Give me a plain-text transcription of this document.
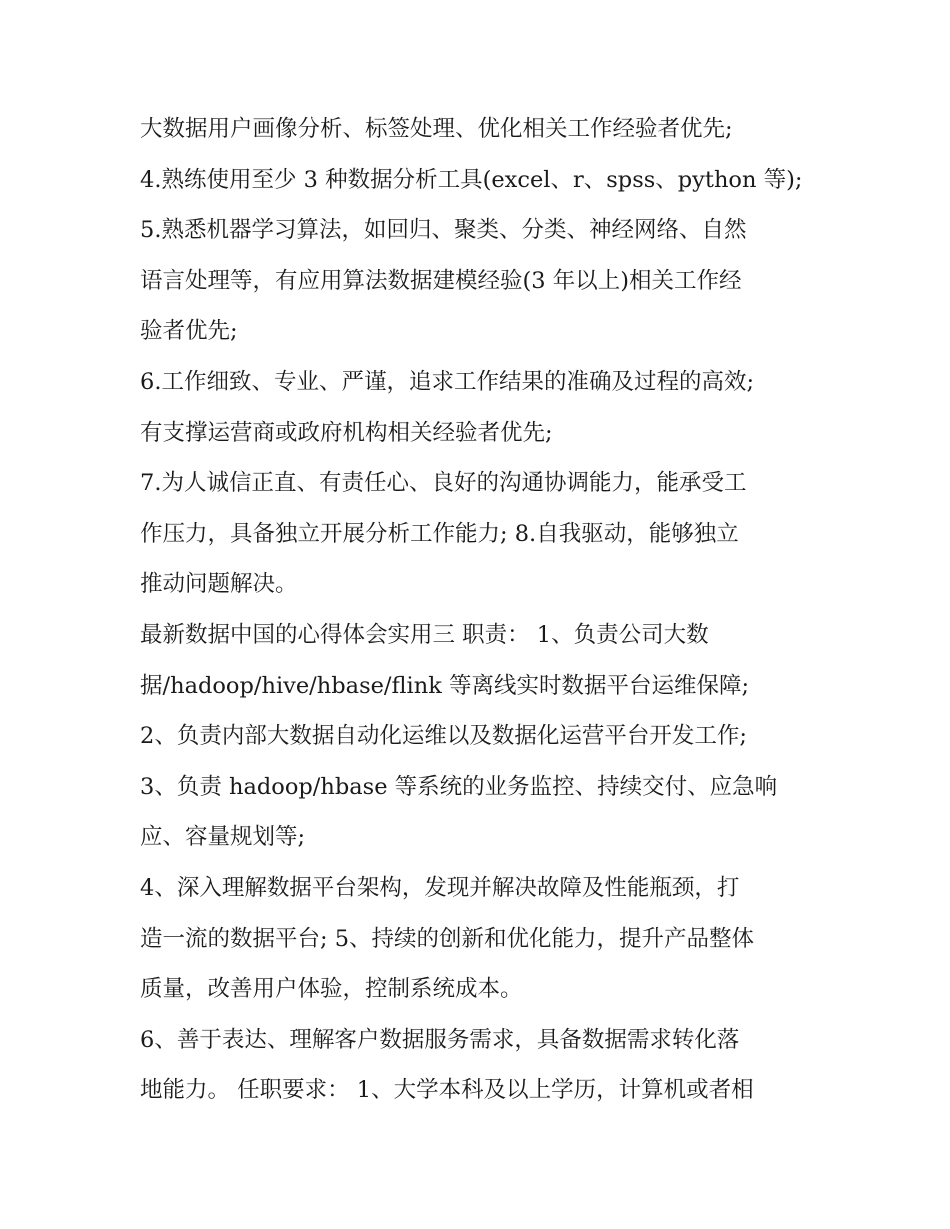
大数据用户画像分析、标签处理、优化相关工作经验者优先;
4.熟练使用至少 3 种数据分析工具(excel、r、spss、python 等);
5.熟悉机器学习算法，如回归、聚类、分类、神经网络、自然
语言处理等，有应用算法数据建模经验(3 年以上)相关工作经
验者优先;
6.工作细致、专业、严谨，追求工作结果的准确及过程的高效;
有支撑运营商或政府机构相关经验者优先;
7.为人诚信正直、有责任心、良好的沟通协调能力，能承受工
作压力，具备独立开展分析工作能力; 8.自我驱动，能够独立
推动问题解决。
最新数据中国的心得体会实用三 职责： 1、负责公司大数
据/hadoop/hive/hbase/flink 等离线实时数据平台运维保障;
2、负责内部大数据自动化运维以及数据化运营平台开发工作;
3、负责 hadoop/hbase 等系统的业务监控、持续交付、应急响
应、容量规划等;
4、深入理解数据平台架构，发现并解决故障及性能瓶颈，打
造一流的数据平台; 5、持续的创新和优化能力，提升产品整体
质量，改善用户体验，控制系统成本。
6、善于表达、理解客户数据服务需求，具备数据需求转化落
地能力。 任职要求： 1、大学本科及以上学历，计算机或者相
